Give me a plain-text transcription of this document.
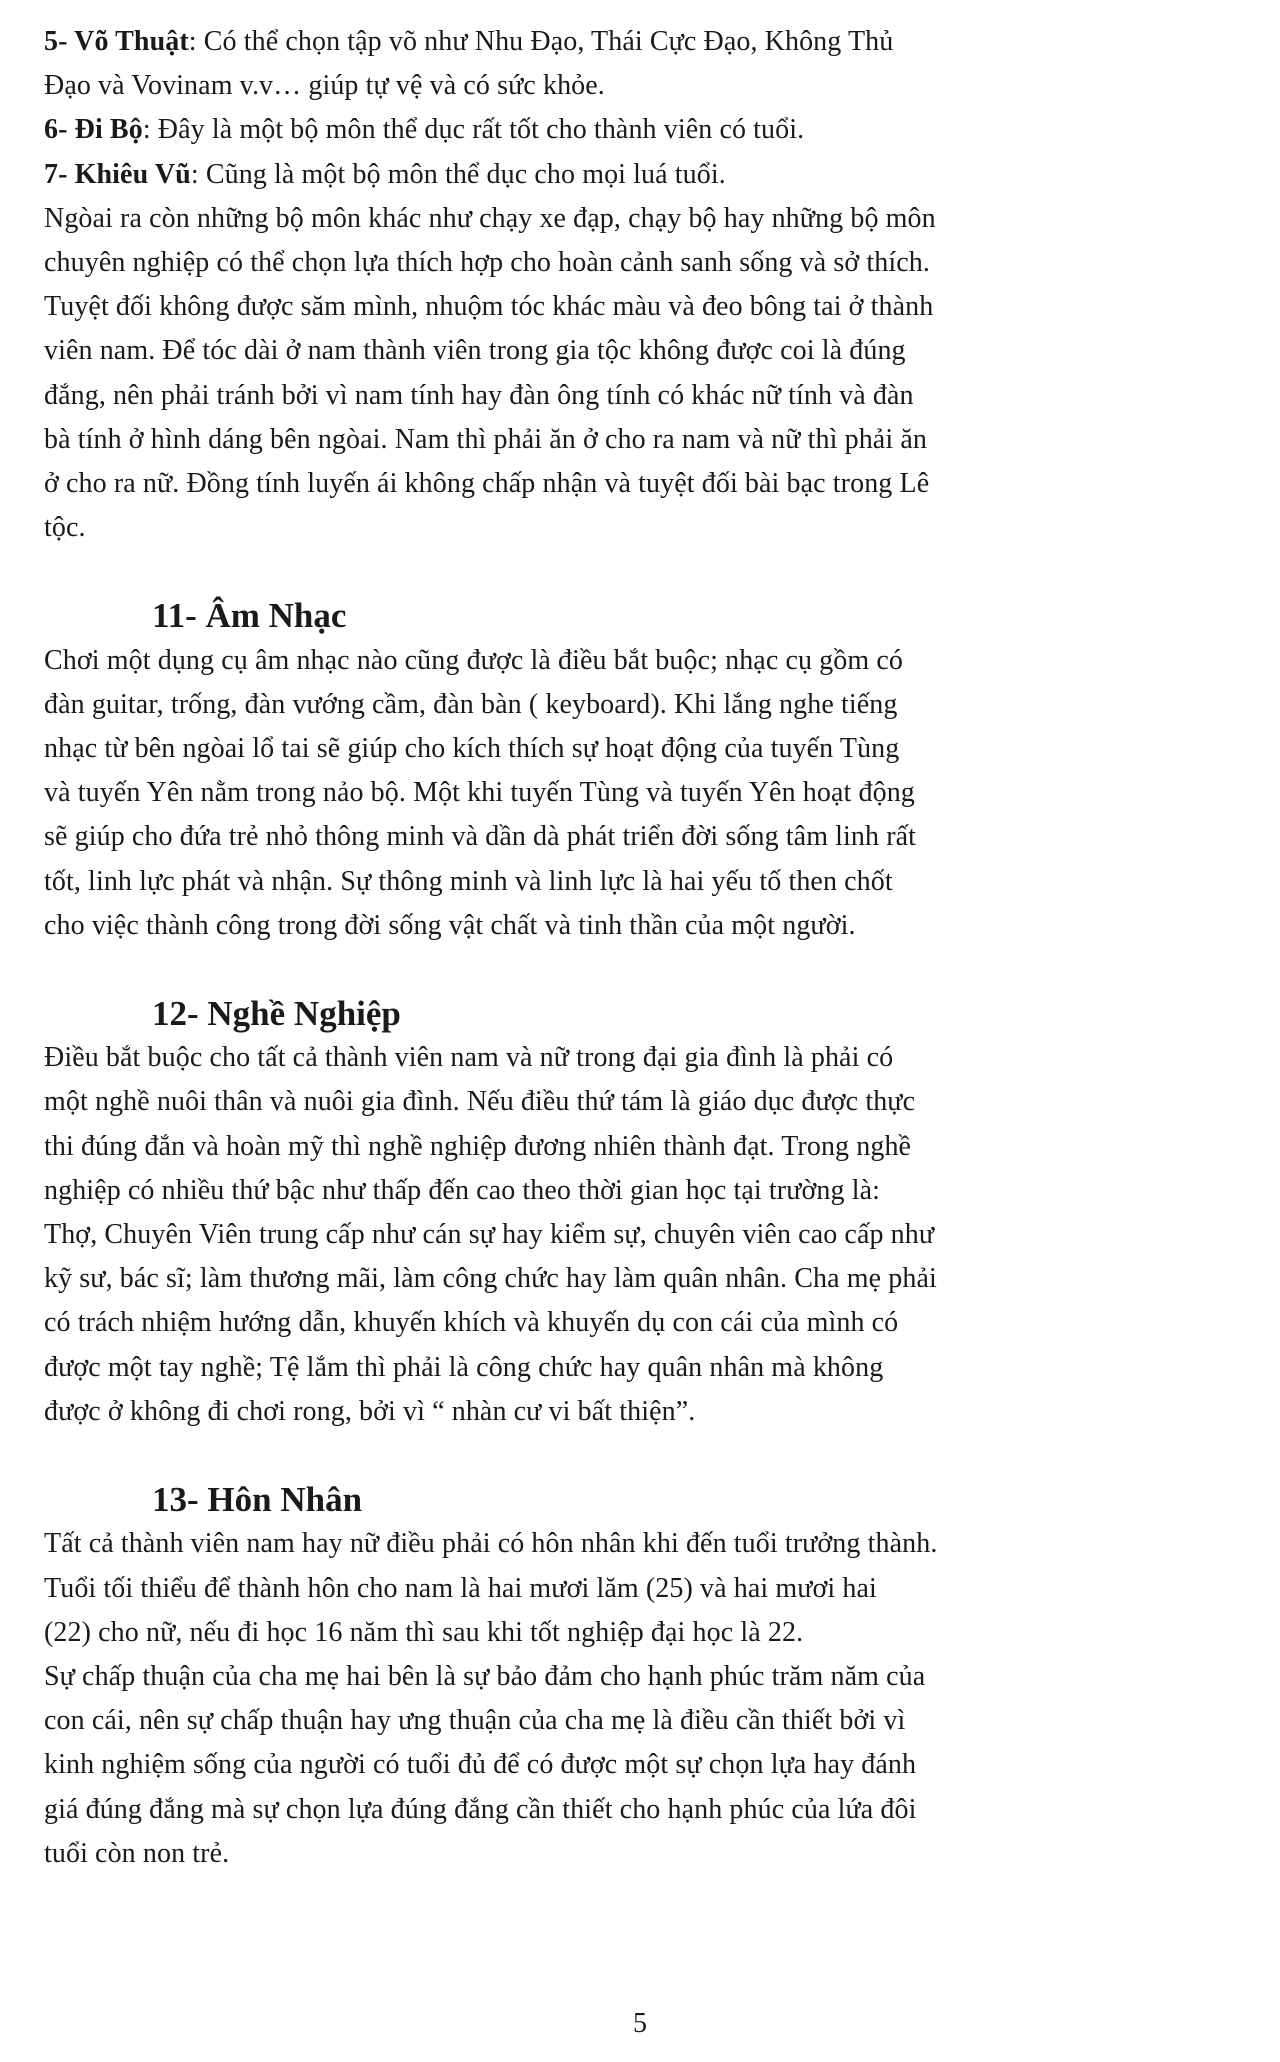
5- Võ Thuật: Có thể chọn tập võ như Nhu Đạo, Thái Cực Đạo, Không Thủ

Đạo và Vovinam v.v… giúp tự vệ và có sức khỏe.

6- Đi Bộ: Đây là một bộ môn thể dục rất tốt cho thành viên có tuổi.

7- Khiêu Vũ: Cũng là một bộ môn thể dục cho mọi luá tuổi.

Ngòai ra còn những bộ môn khác như chạy xe đạp, chạy bộ hay những bộ môn

chuyên nghiệp có thể chọn lựa thích hợp cho hoàn cảnh sanh sống và sở thích.

Tuyệt đối không được săm mình, nhuộm tóc khác màu và đeo bông tai ở thành

viên nam. Để tóc dài ở nam thành viên trong gia tộc không được coi là đúng

đắng, nên phải tránh bởi vì nam tính hay đàn ông tính có khác nữ tính và đàn

bà tính ở hình dáng bên ngòai. Nam thì phải ăn ở cho ra nam và nữ thì phải ăn

ở cho ra nữ. Đồng tính luyến ái không chấp nhận và tuyệt đối bài bạc trong Lê

tộc.

11- Âm Nhạc

Chơi một dụng cụ âm nhạc nào cũng được là điều bắt buộc; nhạc cụ gồm có

đàn guitar, trống, đàn vướng cầm, đàn bàn ( keyboard). Khi lắng nghe tiếng

nhạc từ bên ngòai lổ tai sẽ giúp cho kích thích sự hoạt động của tuyến Tùng

và tuyến Yên nằm trong nảo bộ. Một khi tuyến Tùng và tuyến Yên hoạt động

sẽ giúp cho đứa trẻ nhỏ thông minh và dần dà phát triển đời sống tâm linh rất

tốt, linh lực phát và nhận. Sự thông minh và linh lực là hai yếu tố then chốt

cho việc thành công trong đời sống vật chất và tinh thần của một người.

12- Nghề Nghiệp

Điều bắt buộc cho tất cả thành viên nam và nữ trong đại gia đình là phải có

một nghề nuôi thân và nuôi gia đình. Nếu điều thứ tám là giáo dục được thực

thi đúng đắn và hoàn mỹ thì nghề nghiệp đương nhiên thành đạt. Trong nghề

nghiệp có nhiều thứ bậc như thấp đến cao theo thời gian học tại trường là:

Thợ, Chuyên Viên trung cấp như cán sự hay kiểm sự, chuyên viên cao cấp như

kỹ sư, bác sĩ; làm thương mãi, làm công chức hay làm quân nhân. Cha mẹ phải

có trách nhiệm hướng dẫn, khuyến khích và khuyến dụ con cái của mình có

được một tay nghề; Tệ lắm thì phải là công chức hay quân nhân mà không

được ở không đi chơi rong, bởi vì “ nhàn cư vi bất thiện”.

13- Hôn Nhân

Tất cả thành viên nam hay nữ điều phải có hôn nhân khi đến tuổi trưởng thành.

Tuổi tối thiểu để thành hôn cho nam là hai mươi lăm (25) và hai mươi hai

(22) cho nữ, nếu đi học 16 năm thì sau khi tốt nghiệp đại học là 22.

Sự chấp thuận của cha mẹ hai bên là sự bảo đảm cho hạnh phúc trăm năm của

con cái, nên sự chấp thuận hay ưng thuận của cha mẹ là điều cần thiết bởi vì

kinh nghiệm sống của người có tuổi đủ để có được một sự chọn lựa hay đánh

giá đúng đắng mà sự chọn lựa đúng đắng cần thiết cho hạnh phúc của lứa đôi

tuổi còn non trẻ.

5
